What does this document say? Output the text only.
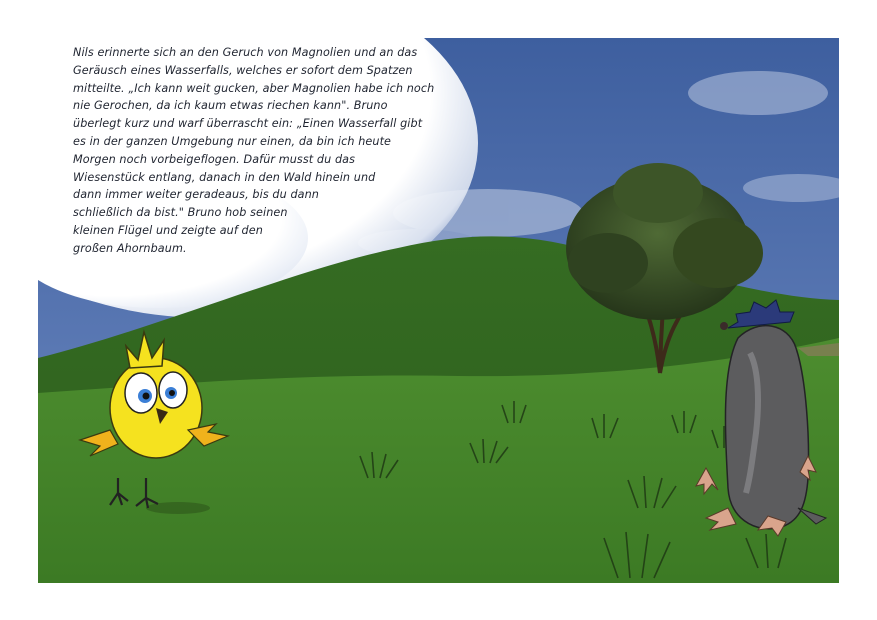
Nils erinnerte sich an den Geruch von Magnolien und an das
Geräusch eines Wasserfalls, welches er sofort dem Spatzen
mitteilte. „Ich kann weit gucken, aber Magnolien habe ich noch
nie Gerochen, da ich kaum etwas riechen kann". Bruno
überlegt kurz und warf überrascht ein: „Einen Wasserfall gibt
es in der ganzen Umgebung nur einen, da bin ich heute
Morgen noch vorbeigeflogen. Dafür musst du das
Wiesenstück entlang, danach in den Wald hinein und
dann immer weiter geradeaus, bis du dann
schließlich da bist." Bruno hob seinen
kleinen Flügel und zeigte auf den
großen Ahornbaum.
